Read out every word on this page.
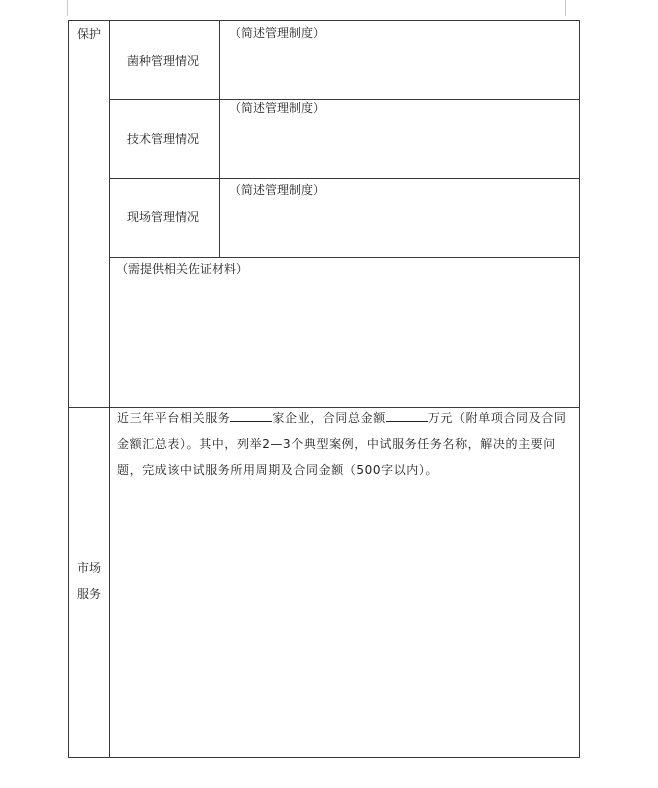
保护
菌种管理情况
（简述管理制度）
技术管理情况
（简述管理制度）
现场管理情况
（简述管理制度）
（需提供相关佐证材料）
市场
服务
近三年平台相关服务	家企业，合同总金额	万元（附单项合同及合同金额汇总表）。其中，列举2—3个典型案例，中试服务任务名称，解决的主要问题，完成该中试服务所用周期及合同金额（500字以内）。
